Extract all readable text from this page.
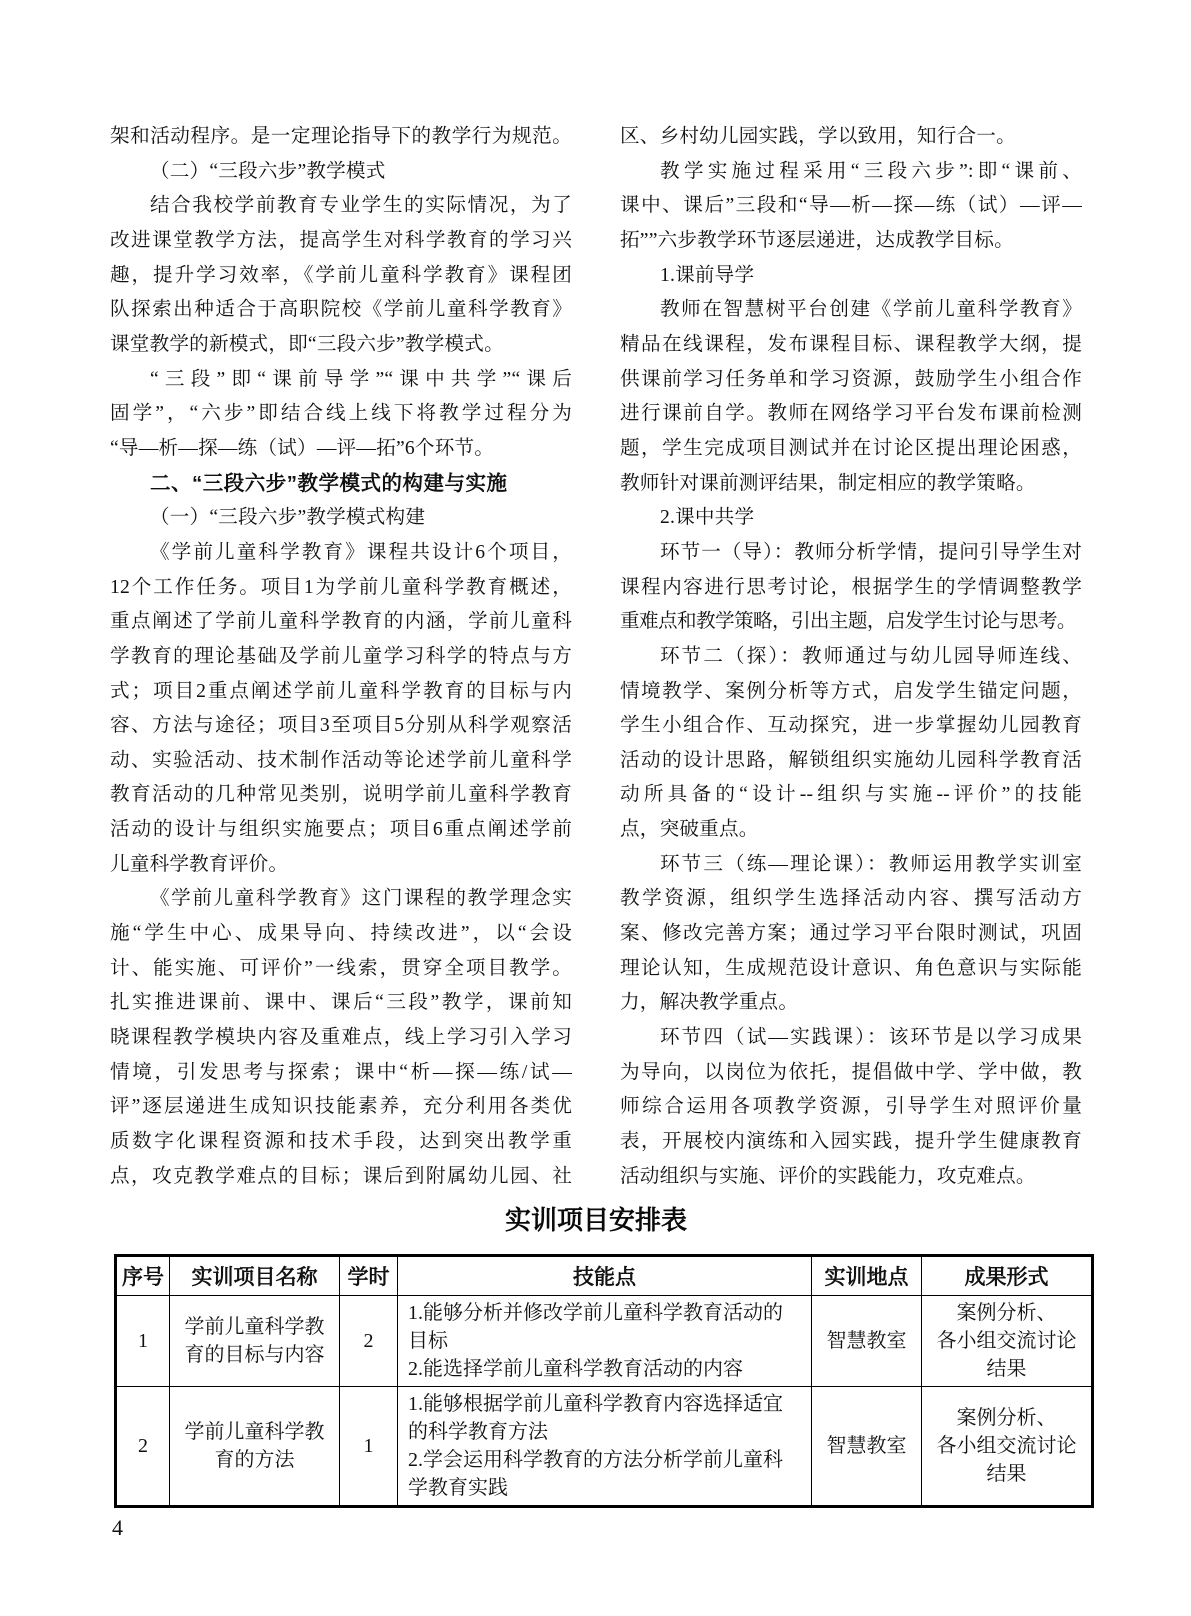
架和活动程序。是一定理论指导下的教学行为规范。
（二）“三段六步”教学模式
结合我校学前教育专业学生的实际情况，为了
改进课堂教学方法，提高学生对科学教育的学习兴
趣，提升学习效率，《学前儿童科学教育》课程团
队探索出种适合于高职院校《学前儿童科学教育》
课堂教学的新模式，即“三段六步”教学模式。
“三段”即“课前导学”“课中共学”“课后
固学”，“六步”即结合线上线下将教学过程分为
“导—析—探—练（试）—评—拓”6个环节。
二、“三段六步”教学模式的构建与实施
（一）“三段六步”教学模式构建
《学前儿童科学教育》课程共设计6个项目，
12个工作任务。项目1为学前儿童科学教育概述，
重点阐述了学前儿童科学教育的内涵，学前儿童科
学教育的理论基础及学前儿童学习科学的特点与方
式；项目2重点阐述学前儿童科学教育的目标与内
容、方法与途径；项目3至项目5分别从科学观察活
动、实验活动、技术制作活动等论述学前儿童科学
教育活动的几种常见类别，说明学前儿童科学教育
活动的设计与组织实施要点；项目6重点阐述学前
儿童科学教育评价。
《学前儿童科学教育》这门课程的教学理念实
施“学生中心、成果导向、持续改进”，以“会设
计、能实施、可评价”一线索，贯穿全项目教学。
扎实推进课前、课中、课后“三段”教学，课前知
晓课程教学模块内容及重难点，线上学习引入学习
情境，引发思考与探索；课中“析—探—练/试—
评”逐层递进生成知识技能素养，充分利用各类优
质数字化课程资源和技术手段，达到突出教学重
点，攻克教学难点的目标；课后到附属幼儿园、社
区、乡村幼儿园实践，学以致用，知行合一。
教学实施过程采用“三段六步”:即“课前、
课中、课后”三段和“导—析—探—练（试）—评—
拓””六步教学环节逐层递进，达成教学目标。
1.课前导学
教师在智慧树平台创建《学前儿童科学教育》
精品在线课程，发布课程目标、课程教学大纲，提
供课前学习任务单和学习资源，鼓励学生小组合作
进行课前自学。教师在网络学习平台发布课前检测
题，学生完成项目测试并在讨论区提出理论困惑，
教师针对课前测评结果，制定相应的教学策略。
2.课中共学
环节一（导）：教师分析学情，提问引导学生对
课程内容进行思考讨论，根据学生的学情调整教学
重难点和教学策略，引出主题，启发学生讨论与思考。
环节二（探）：教师通过与幼儿园导师连线、
情境教学、案例分析等方式，启发学生锚定问题，
学生小组合作、互动探究，进一步掌握幼儿园教育
活动的设计思路，解锁组织实施幼儿园科学教育活
动所具备的“设计--组织与实施--评价”的技能
点，突破重点。
环节三（练—理论课）：教师运用教学实训室
教学资源，组织学生选择活动内容、撰写活动方
案、修改完善方案；通过学习平台限时测试，巩固
理论认知，生成规范设计意识、角色意识与实际能
力，解决教学重点。
环节四（试—实践课）：该环节是以学习成果
为导向，以岗位为依托，提倡做中学、学中做，教
师综合运用各项教学资源，引导学生对照评价量
表，开展校内演练和入园实践，提升学生健康教育
活动组织与实施、评价的实践能力，攻克难点。
实训项目安排表
序号	实训项目名称	学时	技能点	实训地点	成果形式
1	学前儿童科学教育的目标与内容	2	
1.能够分析并修改学前儿童科学教育活动的目标
2.能选择学前儿童科学教育活动的内容
	智慧教室	案例分析、
各小组交流讨论
结果
2	学前儿童科学教育的方法	1	
1.能够根据学前儿童科学教育内容选择适宜的科学教育方法
2.学会运用科学教育的方法分析学前儿童科学教育实践
	智慧教室	案例分析、
各小组交流讨论
结果
4
